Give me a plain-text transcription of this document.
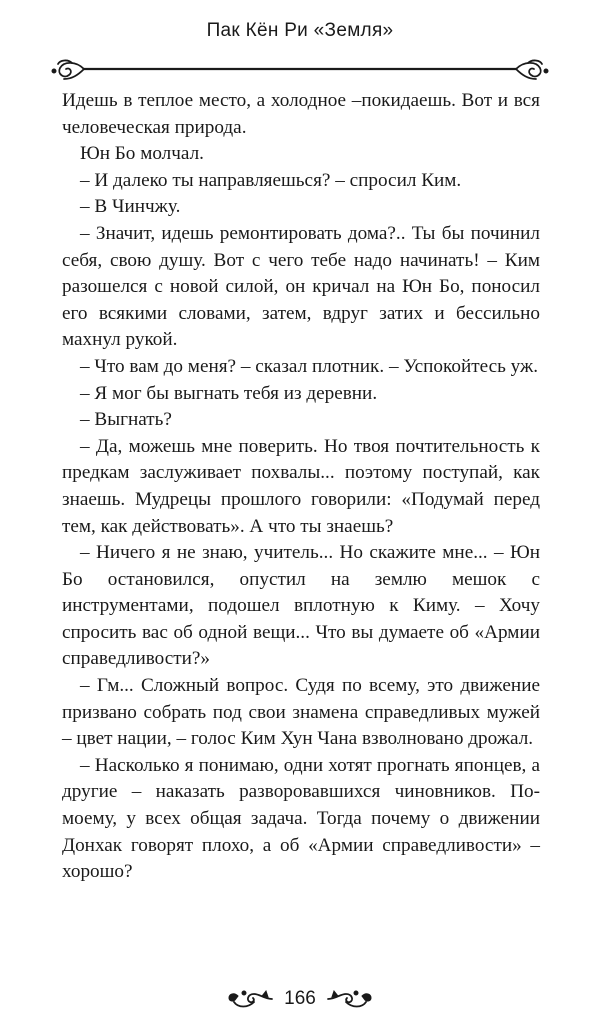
Пак Кён Ри «Земля»

Идешь в теплое место, а холодное –покидаешь. Вот и вся человеческая природа.

Юн Бо молчал.

– И далеко ты направляешься? – спросил Ким.

– В Чинчжу.

– Значит, идешь ремонтировать дома?.. Ты бы починил себя, свою душу. Вот с чего тебе надо начинать! – Ким разошелся с новой силой, он кричал на Юн Бо, поносил его всякими словами, затем, вдруг затих и бессильно махнул рукой.

– Что вам до меня? – сказал плотник. – Успокойтесь уж.

– Я мог бы выгнать тебя из деревни.

– Выгнать?

– Да, можешь мне поверить. Но твоя почтительность к предкам заслуживает похвалы... поэтому поступай, как знаешь. Мудрецы прошлого говорили: «Подумай перед тем, как действовать». А что ты знаешь?

– Ничего я не знаю, учитель... Но скажите мне... – Юн Бо остановился, опустил на землю мешок с инструментами, подошел вплотную к Киму. – Хочу спросить вас об одной вещи... Что вы думаете об «Армии справедливости?»

– Гм... Сложный вопрос. Судя по всему, это движение призвано собрать под свои знамена справедливых мужей – цвет нации, – голос Ким Хун Чана взволновано дрожал.

– Насколько я понимаю, одни хотят прогнать японцев, а другие – наказать разворовавшихся чиновников. По-моему, у всех общая задача. Тогда почему о движении Донхак говорят плохо, а об «Армии справедливости» – хорошо?

166
